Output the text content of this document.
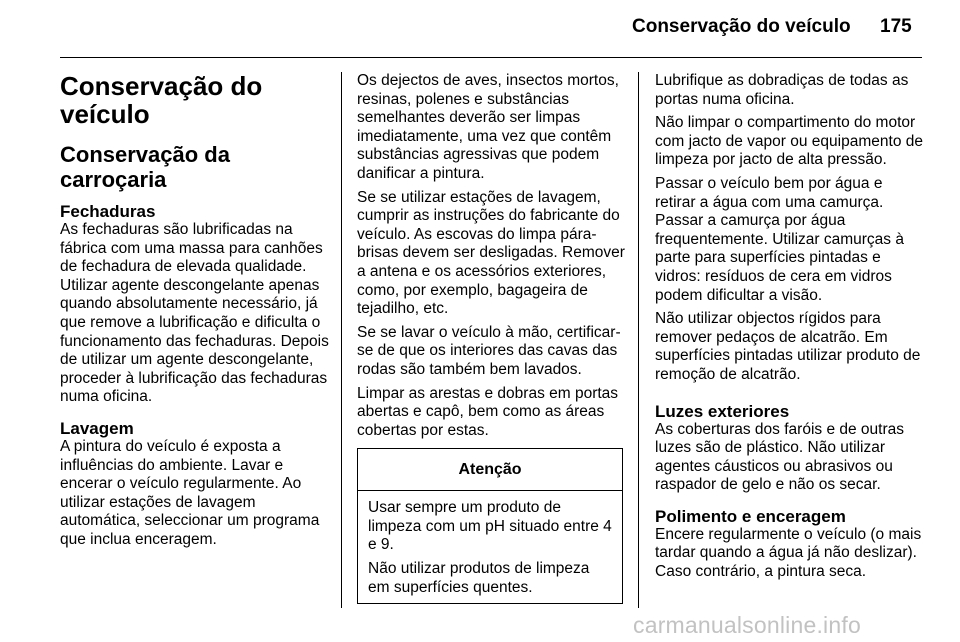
Conservação do veículo 175
Conservação do veículo
Conservação da carroçaria
Fechaduras

As fechaduras são lubrificadas na fábrica com uma massa para canhões de fechadura de elevada qualidade. Utilizar agente descongelante apenas quando absolutamente necessário, já que remove a lubrificação e dificulta o funcionamento das fechaduras. Depois de utilizar um agente descongelante, proceder à lubrificação das fechaduras numa oficina.

Lavagem

A pintura do veículo é exposta a influências do ambiente. Lavar e encerar o veículo regularmente. Ao utilizar estações de lavagem automática, seleccionar um programa que inclua enceragem.

Os dejectos de aves, insectos mortos, resinas, polenes e substâncias semelhantes deverão ser limpas imediatamente, uma vez que contêm substâncias agressivas que podem danificar a pintura.

Se se utilizar estações de lavagem, cumprir as instruções do fabricante do veículo. As escovas do limpa pára-brisas devem ser desligadas. Remover a antena e os acessórios exteriores, como, por exemplo, bagageira de tejadilho, etc.

Se se lavar o veículo à mão, certificar-se de que os interiores das cavas das rodas são também bem lavados.

Limpar as arestas e dobras em portas abertas e capô, bem como as áreas cobertas por estas.

Atenção

Usar sempre um produto de limpeza com um pH situado entre 4 e 9.

Não utilizar produtos de limpeza em superfícies quentes.

Lubrifique as dobradiças de todas as portas numa oficina.

Não limpar o compartimento do motor com jacto de vapor ou equipamento de limpeza por jacto de alta pressão.

Passar o veículo bem por água e retirar a água com uma camurça. Passar a camurça por água frequentemente. Utilizar camurças à parte para superfícies pintadas e vidros: resíduos de cera em vidros podem dificultar a visão.

Não utilizar objectos rígidos para remover pedaços de alcatrão. Em superfícies pintadas utilizar produto de remoção de alcatrão.

Luzes exteriores

As coberturas dos faróis e de outras luzes são de plástico. Não utilizar agentes cáusticos ou abrasivos ou raspador de gelo e não os secar.

Polimento e enceragem

Encere regularmente o veículo (o mais tardar quando a água já não deslizar). Caso contrário, a pintura seca.

carmanualsonline.info
